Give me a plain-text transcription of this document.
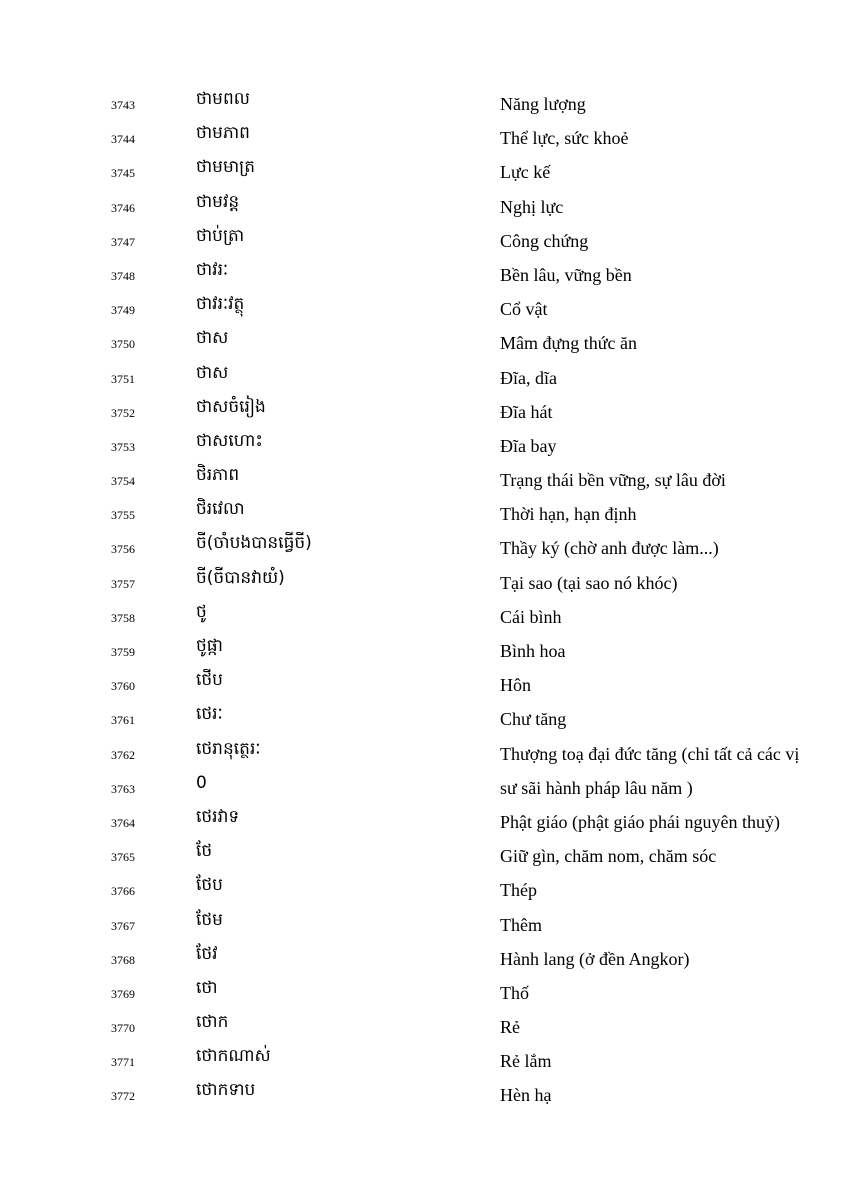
3743	ថាមពល	Năng lượng
3744	ថាមភាព	Thể lực, sức khoẻ
3745	ថាមមាត្រ	Lực kế
3746	ថាមវន្ត	Nghị lực
3747	ថាប់ត្រា	Công chứng
3748	ថាវរៈ	Bền lâu, vững bền
3749	ថាវរៈវត្ថុ	Cổ vật
3750	ថាស	Mâm đựng thức ăn
3751	ថាស	Đĩa, dĩa
3752	ថាសចំរៀង	Đĩa hát
3753	ថាសហោះ	Đĩa bay
3754	ថិរភាព	Trạng thái bền vững, sự lâu đời
3755	ថិរវេលា	Thời hạn, hạn định
3756	ចី(ចាំបងបានធ្វើចី)	Thầy ký (chờ anh được làm...)
3757	ចី(ចីបានវាយំ)	Tại sao (tại sao nó khóc)
3758	ថូ	Cái bình
3759	ថូផ្កា	Bình hoa
3760	ថើប	Hôn
3761	ថេរៈ	Chư tăng
3762	ថេរានុត្ថេរៈ	Thượng toạ đại đức tăng (chỉ tất cả các vị
3763	0	sư sãi hành pháp lâu năm )
3764	ថេរវាទ	Phật giáo (phật giáo phái nguyên thuỷ)
3765	ថែ	Giữ gìn, chăm nom, chăm sóc
3766	ថែប	Thép
3767	ថែម	Thêm
3768	ថែវ	Hành lang (ở đền Angkor)
3769	ថោ	Thố
3770	ថោក	Rẻ
3771	ថោកណាស់	Rẻ lắm
3772	ថោកទាប	Hèn hạ
